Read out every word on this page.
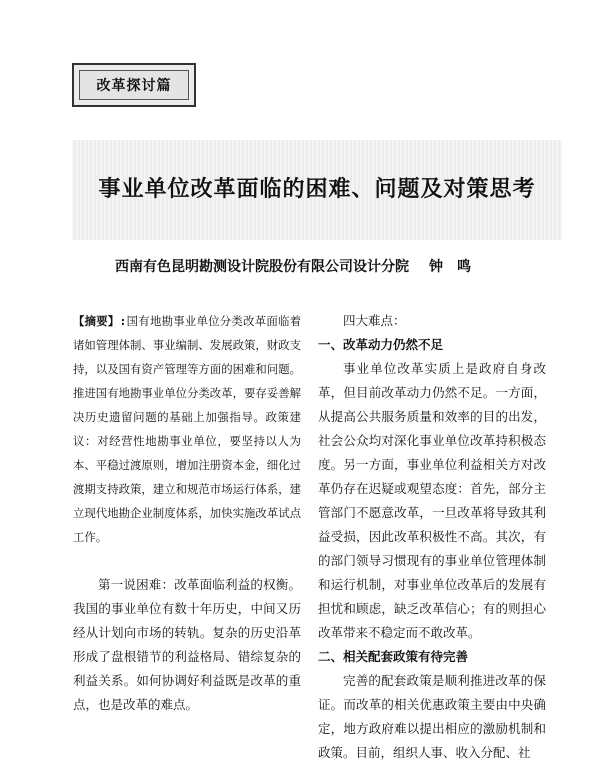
改革探讨篇
事业单位改革面临的困难、问题及对策思考
西南有色昆明勘测设计院股份有限公司设计分院 钟鸣

【摘要】:国有地勘事业单位分类改革面临着诸如管理体制、事业编制、发展政策，财政支持，以及国有资产管理等方面的困难和问题。推进国有地勘事业单位分类改革，要存妥善解决历史遗留问题的基础上加强指导。政策建议：对经营性地勘事业单位，要坚持以人为本、平稳过渡原则，增加注册资本金，细化过渡期支持政策，建立和规范市场运行体系，建立现代地勘企业制度体系，加快实施改革试点工作。

第一说困难：改革面临利益的权衡。我国的事业单位有数十年历史，中间又历经从计划向市场的转轨。复杂的历史沿革形成了盘根错节的利益格局、错综复杂的利益关系。如何协调好利益既是改革的重点，也是改革的难点。

四大难点：

一、改革动力仍然不足

事业单位改革实质上是政府自身改革，但目前改革动力仍然不足。一方面，从提高公共服务质量和效率的目的出发，社会公众均对深化事业单位改革持积极态度。另一方面，事业单位利益相关方对改革仍存在迟疑或观望态度：首先，部分主管部门不愿意改革，一旦改革将导致其利益受损，因此改革积极性不高。其次，有的部门领导习惯现有的事业单位管理体制和运行机制，对事业单位改革后的发展有担忧和顾虑，缺乏改革信心；有的则担心改革带来不稳定而不敢改革。

二、相关配套政策有待完善

完善的配套政策是顺利推进改革的保证。而改革的相关优惠政策主要由中央确定，地方政府难以提出相应的激励机制和政策。目前，组织人事、收入分配、社
